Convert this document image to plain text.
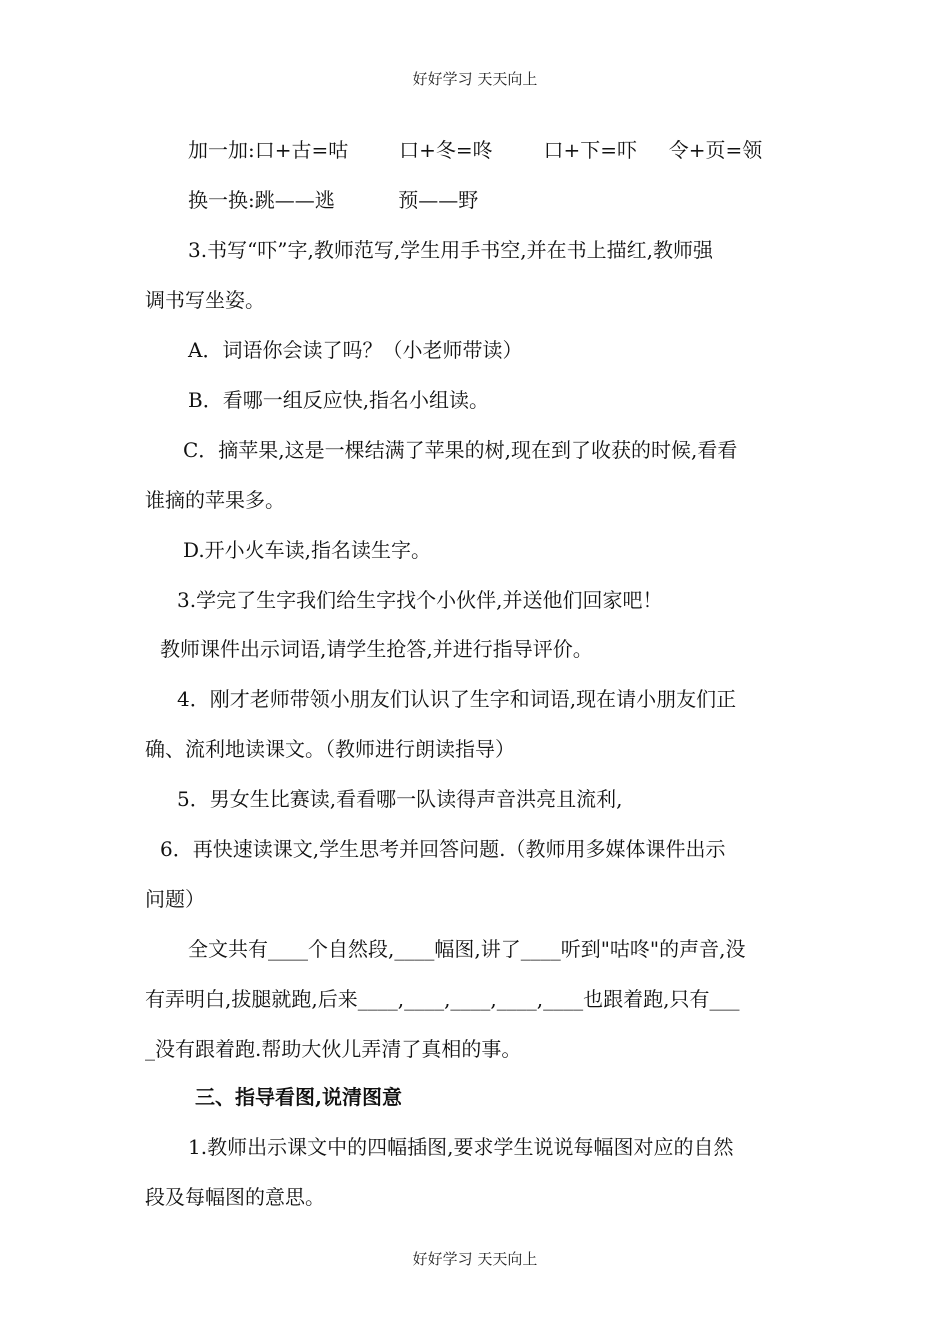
好好学习 天天向上
加一加:口+古=咕        口+冬=咚        口+下=吓     令+页=领
换一换:跳——逃          预——野
3.书写“吓”字,教师范写,学生用手书空,并在书上描红,教师强
调书写坐姿。
A．词语你会读了吗？（小老师带读）
B．看哪一组反应快,指名小组读。
C．摘苹果,这是一棵结满了苹果的树,现在到了收获的时候,看看
谁摘的苹果多。
D.开小火车读,指名读生字。
3.学完了生字我们给生字找个小伙伴,并送他们回家吧！
教师课件出示词语,请学生抢答,并进行指导评价。
4．刚才老师带领小朋友们认识了生字和词语,现在请小朋友们正
确、流利地读课文。（教师进行朗读指导）
5．男女生比赛读,看看哪一队读得声音洪亮且流利,
6．再快速读课文,学生思考并回答问题.（教师用多媒体课件出示
问题）
全文共有____个自然段,____幅图,讲了____听到"咕咚"的声音,没
有弄明白,拔腿就跑,后来____,____,____,____,____也跟着跑,只有___
_没有跟着跑.帮助大伙儿弄清了真相的事。
三、指导看图,说清图意
1.教师出示课文中的四幅插图,要求学生说说每幅图对应的自然
段及每幅图的意思。
好好学习 天天向上
